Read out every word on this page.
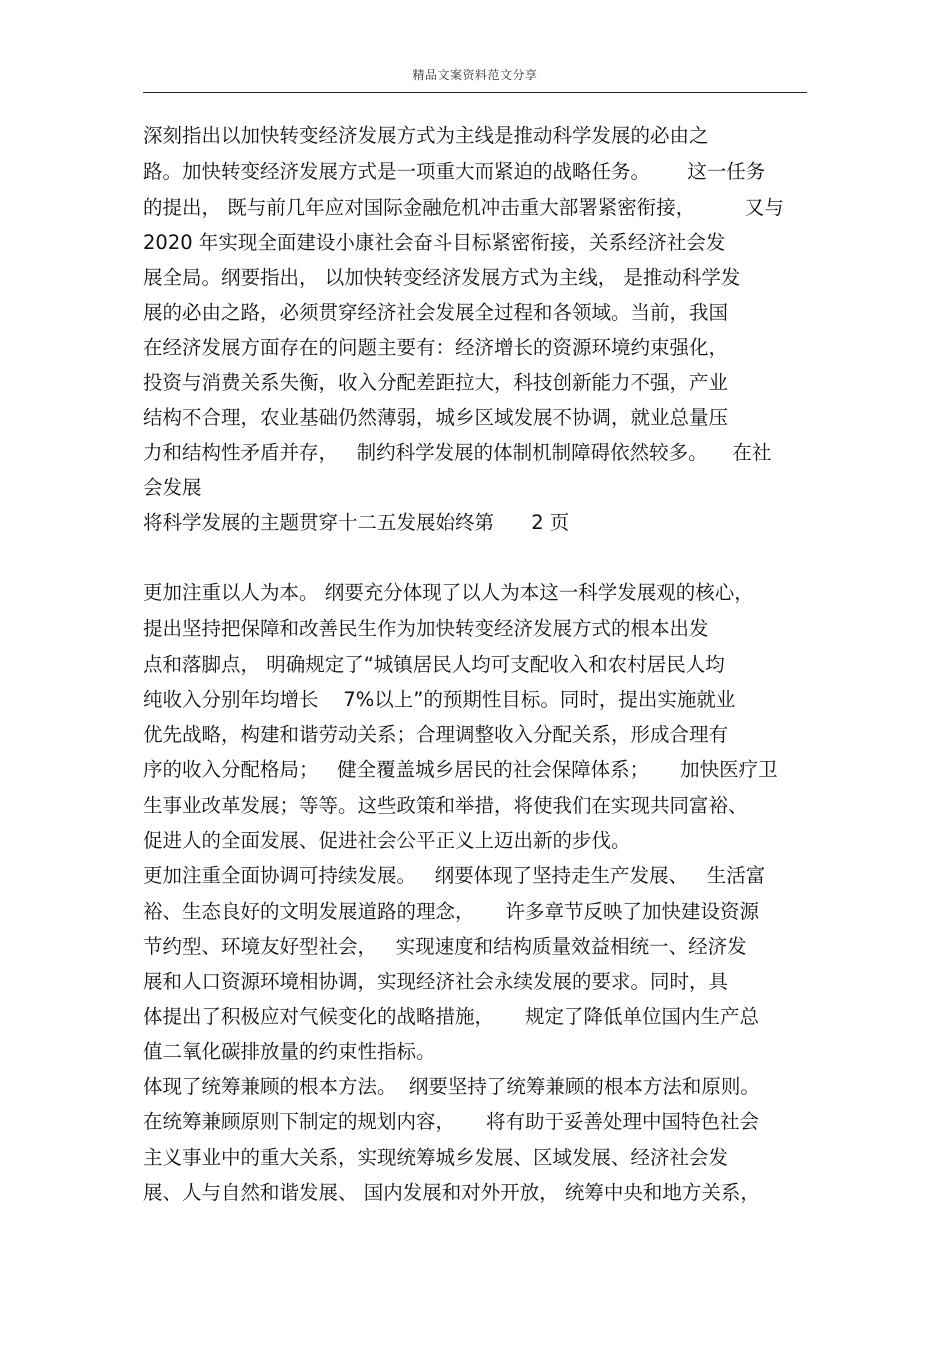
精品文案资料范文分享
深刻指出以加快转变经济发展方式为主线是推动科学发展的必由之
路。加快转变经济发展方式是一项重大而紧迫的战略任务。      这一任务
的提出， 既与前几年应对国际金融危机冲击重大部署紧密衔接，        又与
2020 年实现全面建设小康社会奋斗目标紧密衔接，关系经济社会发
展全局。纲要指出， 以加快转变经济发展方式为主线， 是推动科学发
展的必由之路，必须贯穿经济社会发展全过程和各领域。当前，我国
在经济发展方面存在的问题主要有：经济增长的资源环境约束强化，
投资与消费关系失衡，收入分配差距拉大，科技创新能力不强，产业
结构不合理，农业基础仍然薄弱，城乡区域发展不协调，就业总量压
力和结构性矛盾并存，   制约科学发展的体制机制障碍依然较多。    在社
会发展
将科学发展的主题贯穿十二五发展始终第      2 页
更加注重以人为本。 纲要充分体现了以人为本这一科学发展观的核心，
提出坚持把保障和改善民生作为加快转变经济发展方式的根本出发
点和落脚点， 明确规定了“城镇居民人均可支配收入和农村居民人均
纯收入分别年均增长    7%以上”的预期性目标。同时，提出实施就业
优先战略，构建和谐劳动关系；合理调整收入分配关系，形成合理有
序的收入分配格局；   健全覆盖城乡居民的社会保障体系；     加快医疗卫
生事业改革发展；等等。这些政策和举措，将使我们在实现共同富裕、
促进人的全面发展、促进社会公平正义上迈出新的步伐。
更加注重全面协调可持续发展。   纲要体现了坚持走生产发展、   生活富
裕、生态良好的文明发展道路的理念，     许多章节反映了加快建设资源
节约型、环境友好型社会，   实现速度和结构质量效益相统一、经济发
展和人口资源环境相协调，实现经济社会永续发展的要求。同时，具
体提出了积极应对气候变化的战略措施，     规定了降低单位国内生产总
值二氧化碳排放量的约束性指标。
体现了统筹兼顾的根本方法。  纲要坚持了统筹兼顾的根本方法和原则。
在统筹兼顾原则下制定的规划内容，     将有助于妥善处理中国特色社会
主义事业中的重大关系，实现统筹城乡发展、区域发展、经济社会发
展、人与自然和谐发展、 国内发展和对外开放， 统筹中央和地方关系，
